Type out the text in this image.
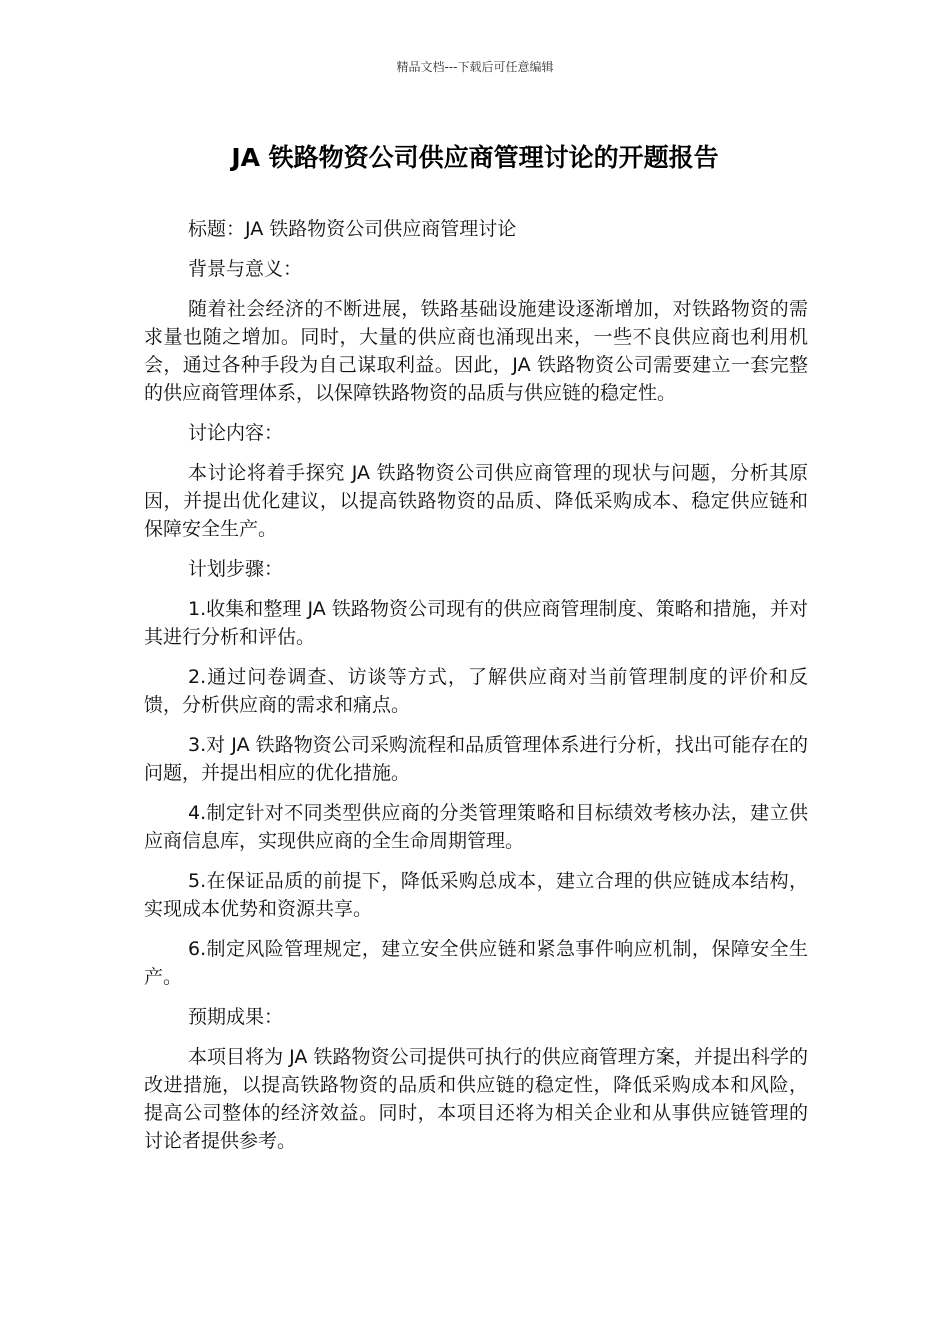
精品文档---下载后可任意编辑
JA 铁路物资公司供应商管理讨论的开题报告

标题：JA 铁路物资公司供应商管理讨论

背景与意义：

随着社会经济的不断进展，铁路基础设施建设逐渐增加，对铁路物资的需求量也随之增加。同时，大量的供应商也涌现出来，一些不良供应商也利用机会，通过各种手段为自己谋取利益。因此，JA 铁路物资公司需要建立一套完整的供应商管理体系，以保障铁路物资的品质与供应链的稳定性。

讨论内容：

本讨论将着手探究 JA 铁路物资公司供应商管理的现状与问题，分析其原因，并提出优化建议，以提高铁路物资的品质、降低采购成本、稳定供应链和保障安全生产。

计划步骤：

1.收集和整理 JA 铁路物资公司现有的供应商管理制度、策略和措施，并对其进行分析和评估。

2.通过问卷调查、访谈等方式，了解供应商对当前管理制度的评价和反馈，分析供应商的需求和痛点。

3.对 JA 铁路物资公司采购流程和品质管理体系进行分析，找出可能存在的问题，并提出相应的优化措施。

4.制定针对不同类型供应商的分类管理策略和目标绩效考核办法，建立供应商信息库，实现供应商的全生命周期管理。

5.在保证品质的前提下，降低采购总成本，建立合理的供应链成本结构，实现成本优势和资源共享。

6.制定风险管理规定，建立安全供应链和紧急事件响应机制，保障安全生产。

预期成果：

本项目将为 JA 铁路物资公司提供可执行的供应商管理方案，并提出科学的改进措施，以提高铁路物资的品质和供应链的稳定性，降低采购成本和风险，提高公司整体的经济效益。同时，本项目还将为相关企业和从事供应链管理的讨论者提供参考。
